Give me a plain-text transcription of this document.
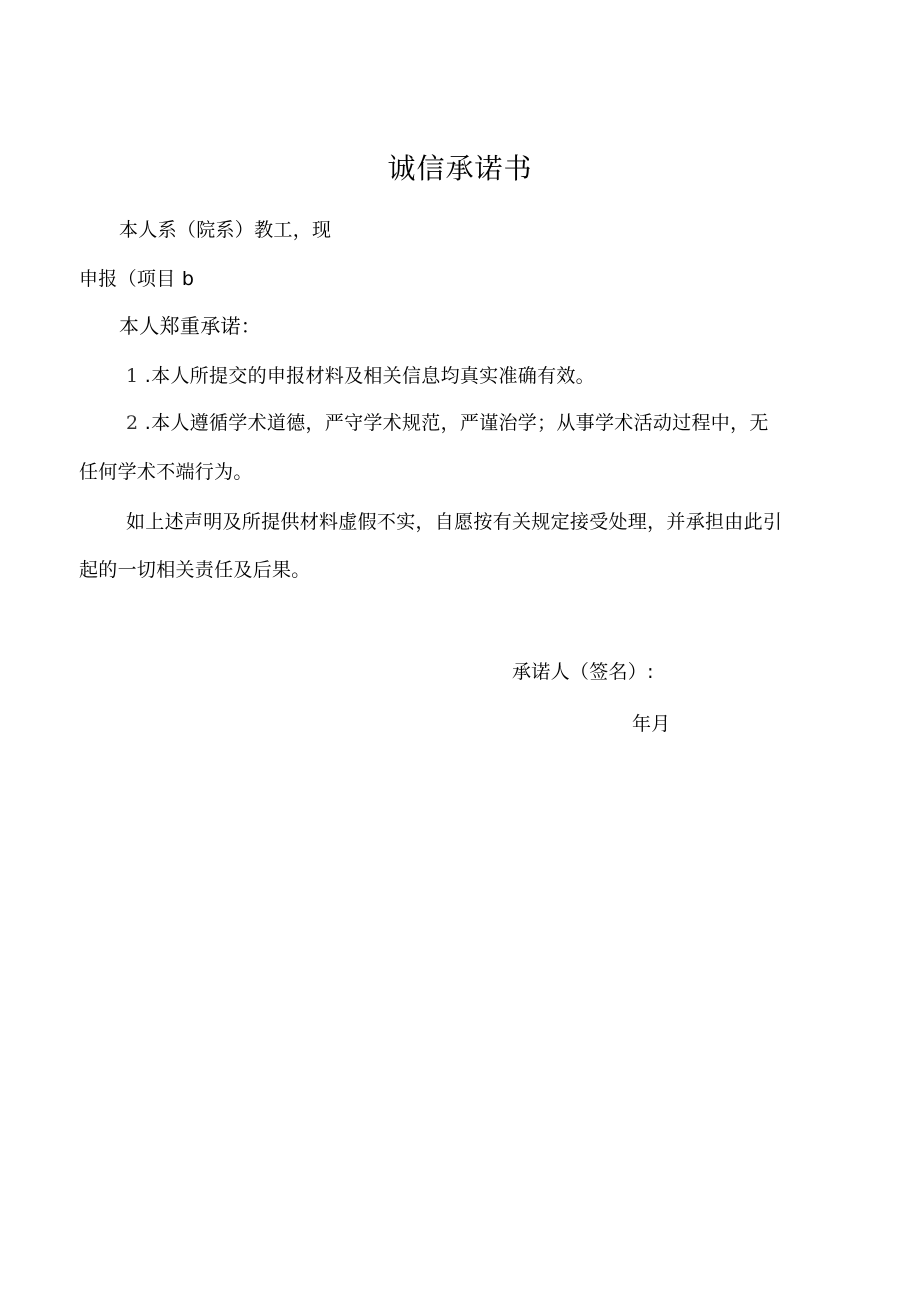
诚信承诺书
本人系（院系）教工，现
申报（项目 b
本人郑重承诺：
1 .本人所提交的申报材料及相关信息均真实准确有效。
2 .本人遵循学术道德，严守学术规范，严谨治学；从事学术活动过程中，无
任何学术不端行为。
如上述声明及所提供材料虚假不实，自愿按有关规定接受处理，并承担由此引
起的一切相关责任及后果。
承诺人（签名）:
年月
